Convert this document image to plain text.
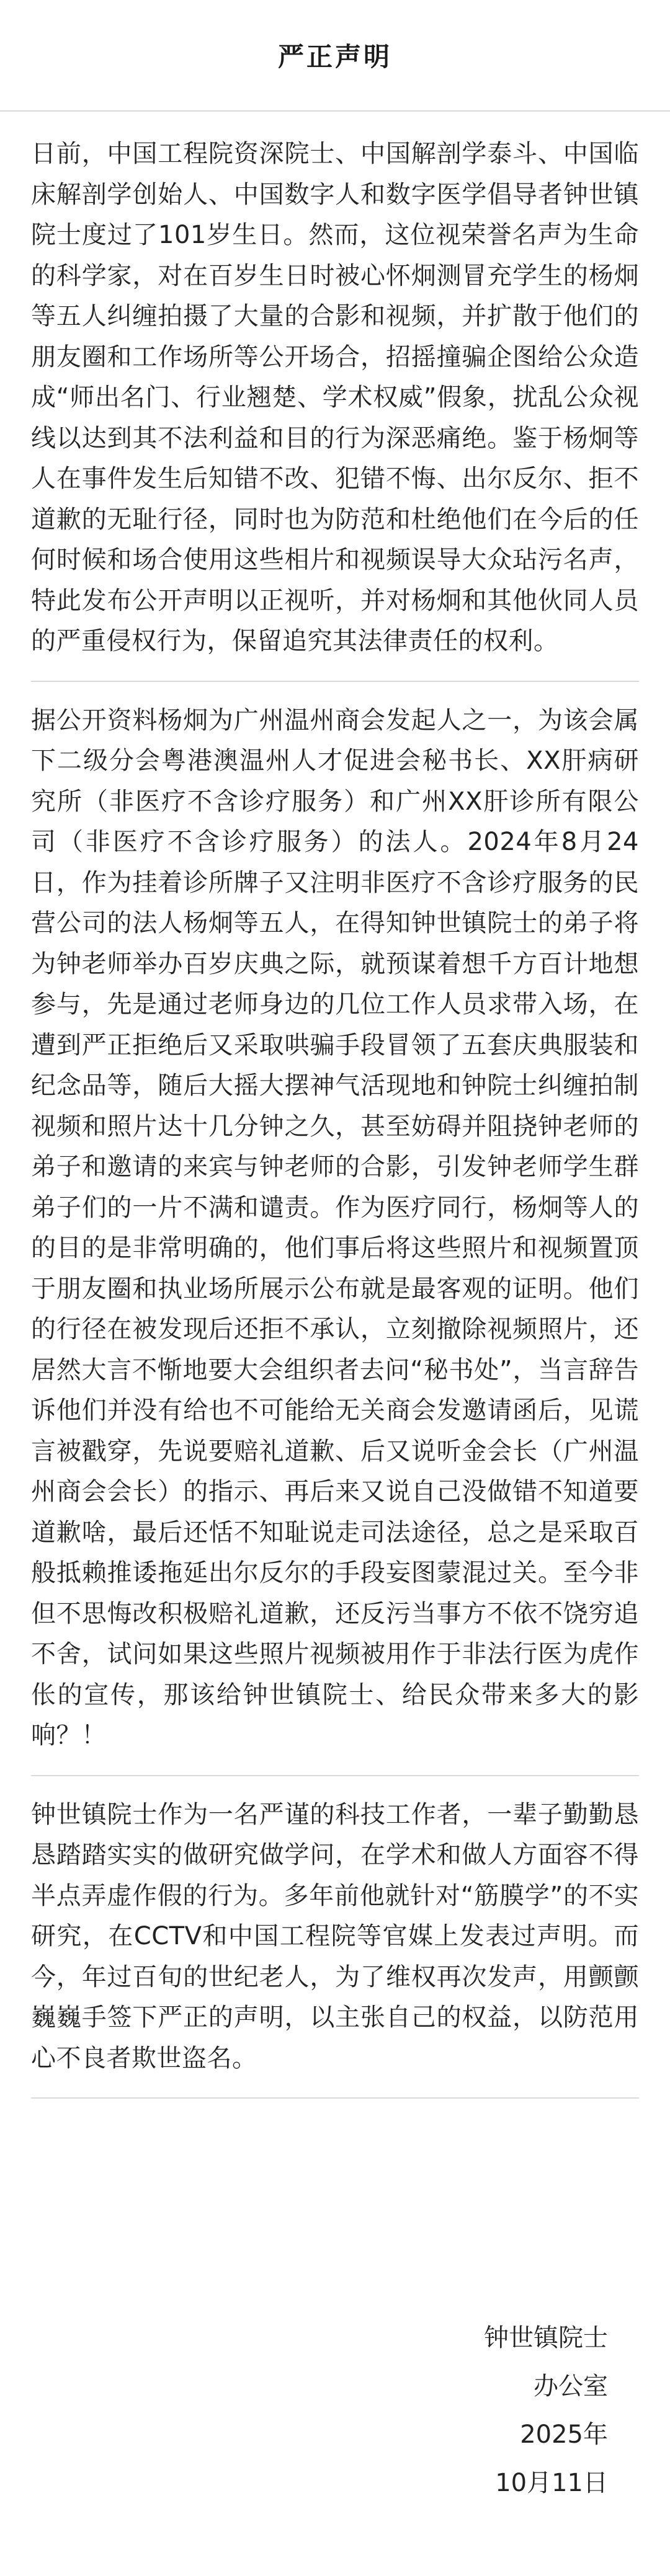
严正声明

日前，中国工程院资深院士、中国解剖学泰斗、中国临床解剖学创始人、中国数字人和数字医学倡导者钟世镇院士度过了101岁生日。然而，这位视荣誉名声为生命的科学家，对在百岁生日时被心怀炯测冒充学生的杨炯等五人纠缠拍摄了大量的合影和视频，并扩散于他们的朋友圈和工作场所等公开场合，招摇撞骗企图给公众造成“师出名门、行业翘楚、学术权威”假象，扰乱公众视线以达到其不法利益和目的行为深恶痛绝。鉴于杨炯等人在事件发生后知错不改、犯错不悔、出尔反尔、拒不道歉的无耻行径，同时也为防范和杜绝他们在今后的任何时候和场合使用这些相片和视频误导大众玷污名声，特此发布公开声明以正视听，并对杨炯和其他伙同人员的严重侵权行为，保留追究其法律责任的权利。

据公开资料杨炯为广州温州商会发起人之一，为该会属下二级分会粤港澳温州人才促进会秘书长、XX肝病研究所（非医疗不含诊疗服务）和广州XX肝诊所有限公司（非医疗不含诊疗服务）的法人。2024年8月24日，作为挂着诊所牌子又注明非医疗不含诊疗服务的民营公司的法人杨炯等五人，在得知钟世镇院士的弟子将为钟老师举办百岁庆典之际，就预谋着想千方百计地想参与，先是通过老师身边的几位工作人员求带入场，在遭到严正拒绝后又采取哄骗手段冒领了五套庆典服装和纪念品等，随后大摇大摆神气活现地和钟院士纠缠拍制视频和照片达十几分钟之久，甚至妨碍并阻挠钟老师的弟子和邀请的来宾与钟老师的合影，引发钟老师学生群弟子们的一片不满和谴责。作为医疗同行，杨炯等人的的目的是非常明确的，他们事后将这些照片和视频置顶于朋友圈和执业场所展示公布就是最客观的证明。他们的行径在被发现后还拒不承认，立刻撤除视频照片，还居然大言不惭地要大会组织者去问“秘书处”，当言辞告诉他们并没有给也不可能给无关商会发邀请函后，见谎言被戳穿，先说要赔礼道歉、后又说听金会长（广州温州商会会长）的指示、再后来又说自己没做错不知道要道歉啥，最后还恬不知耻说走司法途径，总之是采取百般抵赖推诿拖延出尔反尔的手段妄图蒙混过关。至今非但不思悔改积极赔礼道歉，还反污当事方不依不饶穷追不舍，试问如果这些照片视频被用作于非法行医为虎作伥的宣传，那该给钟世镇院士、给民众带来多大的影响？！

钟世镇院士作为一名严谨的科技工作者，一辈子勤勤恳恳踏踏实实的做研究做学问，在学术和做人方面容不得半点弄虚作假的行为。多年前他就针对“筋膜学”的不实研究，在CCTV和中国工程院等官媒上发表过声明。而今，年过百旬的世纪老人，为了维权再次发声，用颤颤巍巍手签下严正的声明，以主张自己的权益，以防范用心不良者欺世盗名。

钟世镇院士
办公室
2025年
10月11日
